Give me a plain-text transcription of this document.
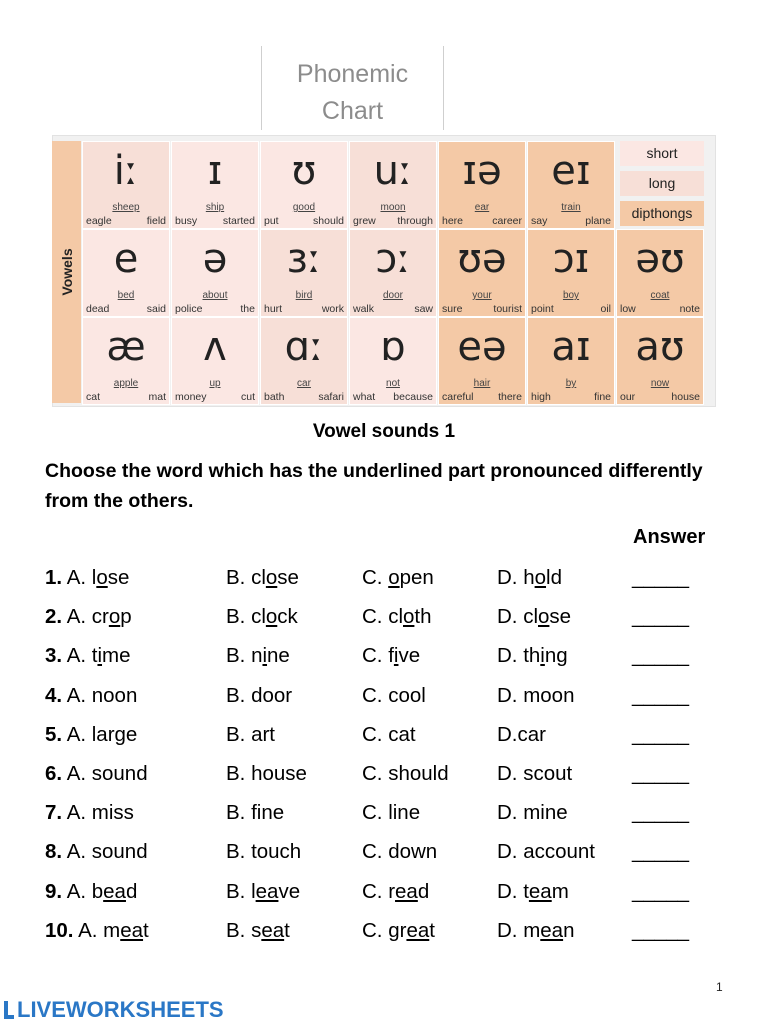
Phonemic
Chart
Vowels
iː
sheep
eagle	field
ɪ
ship
busy started
ʊ
good
put	should
uː
moon
grew through
ɪə
ear
here	career
eɪ
train
say	plane
e
bed
dead	said
ə
about
police	the
ɜː
bird
hurt	work
ɔː
door
walk	saw
ʊə
your
sure	tourist
ɔɪ
boy
point	oil
əʊ
coat
low	note
æ
apple
cat	mat
ʌ
up
money	cut
ɑː
car
bath	safari
ɒ
not
what because
eə
hair
careful there
aɪ
by
high	fine
aʊ
now
our	house
short
long
dipthongs
Vowel sounds 1
Choose the word which has the underlined part pronounced differently from the others.
Answer
1. A. lose	B. close	C. open	D. hold	_____
2. A. crop	B. clock	C. cloth	D. close	_____
3. A. time	B. nine	C. five	D. thing	_____
4. A. noon	B. door	C. cool	D. moon	_____
5. A. large	B. art	C. cat	D.car	_____
6. A. sound	B. house	C. should D. scout	_____
7. A. miss	B. fine	C. line	D. mine	_____
8. A. sound	B. touch	C. down	D. account _____
9. A. bead	B. leave	C. read	D. team	_____
10. A. meat	B. seat	C. great	D. mean	_____
1
LIVEWORKSHEETS
